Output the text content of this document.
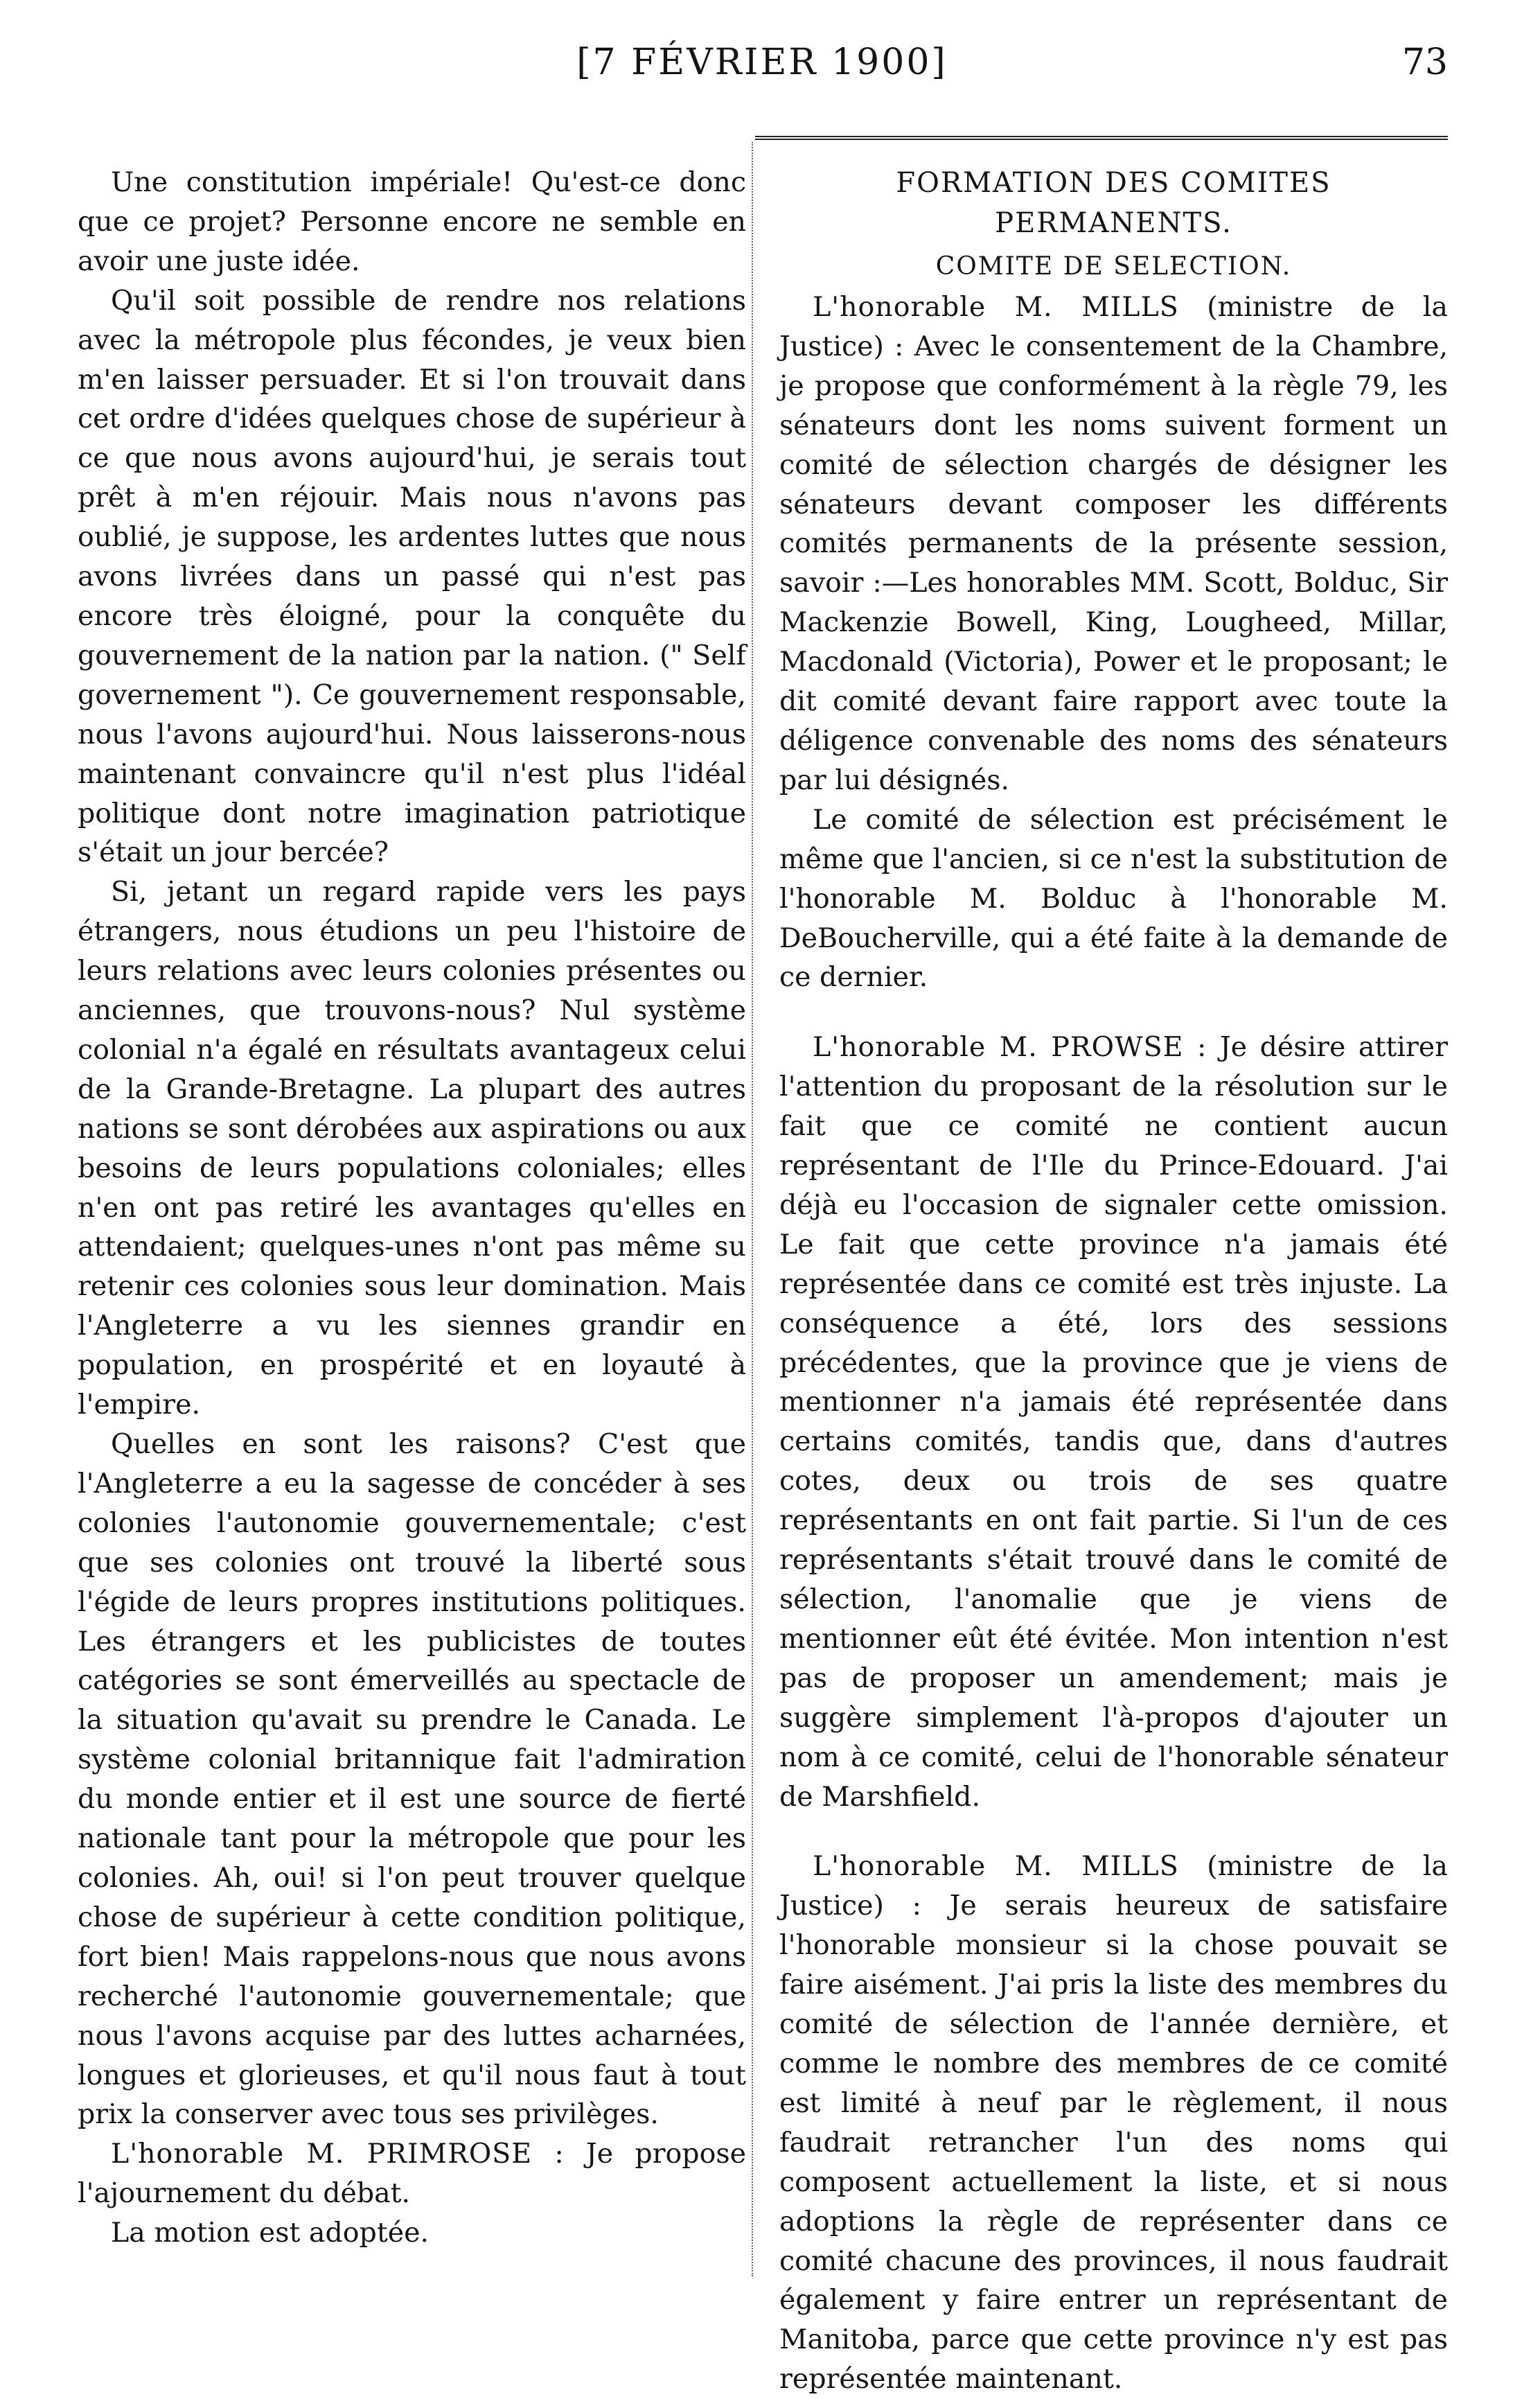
[7 FÉVRIER 1900]	73

Une constitution impériale! Qu'est-ce donc que ce projet? Personne encore ne semble en avoir une juste idée.

Qu'il soit possible de rendre nos relations avec la métropole plus fécondes, je veux bien m'en laisser persuader. Et si l'on trouvait dans cet ordre d'idées quelques chose de supérieur à ce que nous avons aujourd'hui, je serais tout prêt à m'en réjouir. Mais nous n'avons pas oublié, je suppose, les ardentes luttes que nous avons livrées dans un passé qui n'est pas encore très éloigné, pour la conquête du gouvernement de la nation par la nation. (" Self governement "). Ce gouvernement responsable, nous l'avons aujourd'hui. Nous laisserons-nous maintenant convaincre qu'il n'est plus l'idéal politique dont notre imagination patriotique s'était un jour bercée?

Si, jetant un regard rapide vers les pays étrangers, nous étudions un peu l'histoire de leurs relations avec leurs colonies présentes ou anciennes, que trouvons-nous? Nul système colonial n'a égalé en résultats avantageux celui de la Grande-Bretagne. La plupart des autres nations se sont dérobées aux aspirations ou aux besoins de leurs populations coloniales; elles n'en ont pas retiré les avantages qu'elles en attendaient; quelques-unes n'ont pas même su retenir ces colonies sous leur domination. Mais l'Angleterre a vu les siennes grandir en population, en prospérité et en loyauté à l'empire.

Quelles en sont les raisons? C'est que l'Angleterre a eu la sagesse de concéder à ses colonies l'autonomie gouvernementale; c'est que ses colonies ont trouvé la liberté sous l'égide de leurs propres institutions politiques. Les étrangers et les publicistes de toutes catégories se sont émerveillés au spectacle de la situation qu'avait su prendre le Canada. Le système colonial britannique fait l'admiration du monde entier et il est une source de fierté nationale tant pour la métropole que pour les colonies. Ah, oui! si l'on peut trouver quelque chose de supérieur à cette condition politique, fort bien! Mais rappelons-nous que nous avons recherché l'autonomie gouvernementale; que nous l'avons acquise par des luttes acharnées, longues et glorieuses, et qu'il nous faut à tout prix la conserver avec tous ses privilèges.

L'honorable M. PRIMROSE : Je propose l'ajournement du débat.

La motion est adoptée.

FORMATION DES COMITES PERMANENTS.
COMITE DE SELECTION.

L'honorable M. MILLS (ministre de la Justice) : Avec le consentement de la Chambre, je propose que conformément à la règle 79, les sénateurs dont les noms suivent forment un comité de sélection chargés de désigner les sénateurs devant composer les différents comités permanents de la présente session, savoir :—Les honorables MM. Scott, Bolduc, Sir Mackenzie Bowell, King, Lougheed, Millar, Macdonald (Victoria), Power et le proposant; le dit comité devant faire rapport avec toute la déligence convenable des noms des sénateurs par lui désignés.

Le comité de sélection est précisément le même que l'ancien, si ce n'est la substitution de l'honorable M. Bolduc à l'honorable M. DeBoucherville, qui a été faite à la demande de ce dernier.

L'honorable M. PROWSE : Je désire attirer l'attention du proposant de la résolution sur le fait que ce comité ne contient aucun représentant de l'Ile du Prince-Edouard. J'ai déjà eu l'occasion de signaler cette omission. Le fait que cette province n'a jamais été représentée dans ce comité est très injuste. La conséquence a été, lors des sessions précédentes, que la province que je viens de mentionner n'a jamais été représentée dans certains comités, tandis que, dans d'autres cotes, deux ou trois de ses quatre représentants en ont fait partie. Si l'un de ces représentants s'était trouvé dans le comité de sélection, l'anomalie que je viens de mentionner eût été évitée. Mon intention n'est pas de proposer un amendement; mais je suggère simplement l'à-propos d'ajouter un nom à ce comité, celui de l'honorable sénateur de Marshfield.

L'honorable M. MILLS (ministre de la Justice) : Je serais heureux de satisfaire l'honorable monsieur si la chose pouvait se faire aisément. J'ai pris la liste des membres du comité de sélection de l'année dernière, et comme le nombre des membres de ce comité est limité à neuf par le règlement, il nous faudrait retrancher l'un des noms qui composent actuellement la liste, et si nous adoptions la règle de représenter dans ce comité chacune des provinces, il nous faudrait également y faire entrer un représentant de Manitoba, parce que cette province n'y est pas représentée maintenant.
